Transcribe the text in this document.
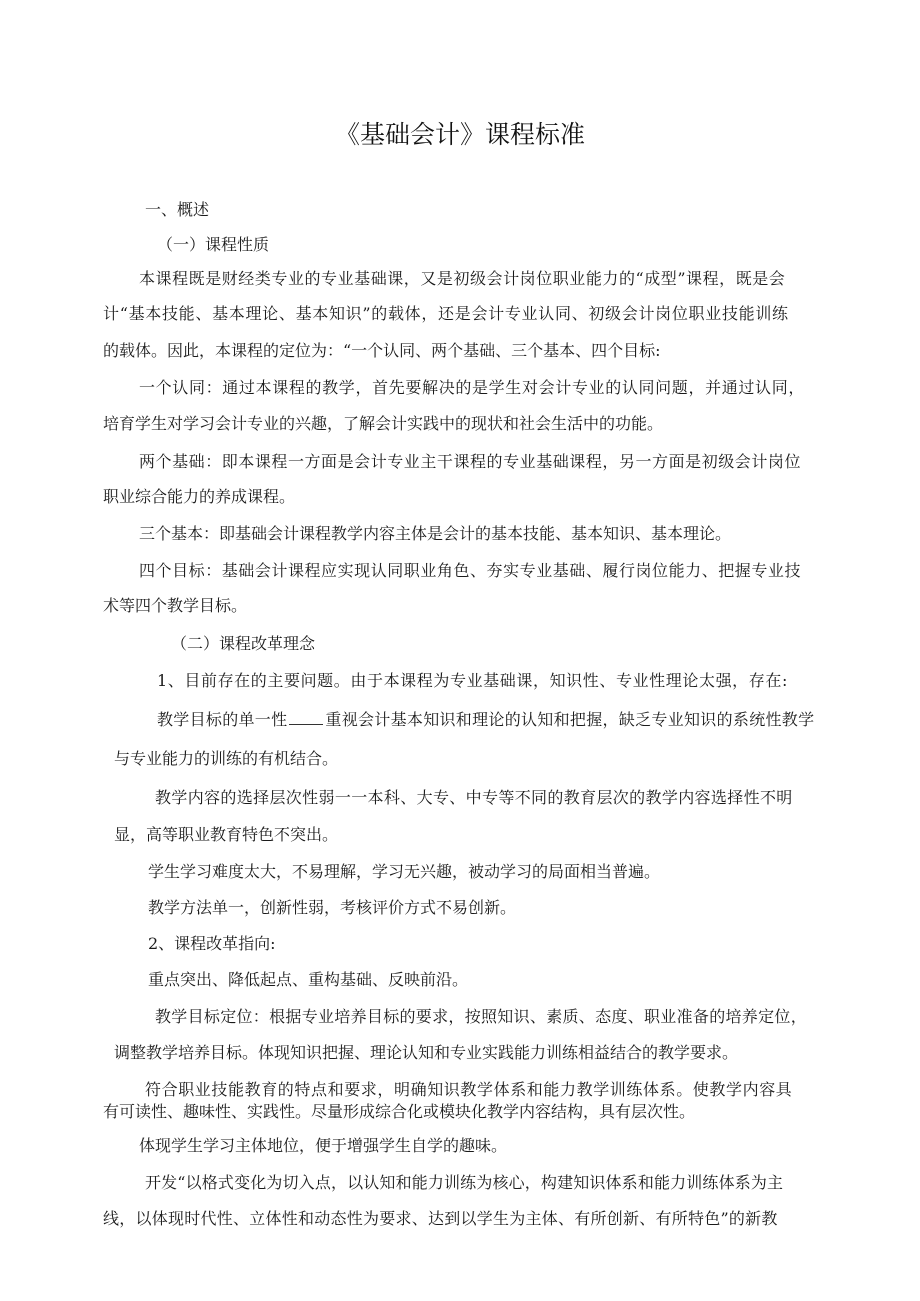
《基础会计》课程标准
一、概述
（一）课程性质
本课程既是财经类专业的专业基础课，又是初级会计岗位职业能力的“成型”课程，既是会
计“基本技能、基本理论、基本知识”的载体，还是会计专业认同、初级会计岗位职业技能训练
的载体。因此，本课程的定位为：“一个认同、两个基础、三个基本、四个目标:
一个认同：通过本课程的教学，首先要解决的是学生对会计专业的认同问题，并通过认同，
培育学生对学习会计专业的兴趣，了解会计实践中的现状和社会生活中的功能。
两个基础：即本课程一方面是会计专业主干课程的专业基础课程，另一方面是初级会计岗位
职业综合能力的养成课程。
三个基本：即基础会计课程教学内容主体是会计的基本技能、基本知识、基本理论。
四个目标：基础会计课程应实现认同职业角色、夯实专业基础、履行岗位能力、把握专业技
术等四个教学目标。
（二）课程改革理念
1、目前存在的主要问题。由于本课程为专业基础课，知识性、专业性理论太强，存在:
教学目标的单一性 重视会计基本知识和理论的认知和把握，缺乏专业知识的系统性教学
与专业能力的训练的有机结合。
教学内容的选择层次性弱一一本科、大专、中专等不同的教育层次的教学内容选择性不明
显，高等职业教育特色不突出。
学生学习难度太大，不易理解，学习无兴趣，被动学习的局面相当普遍。
教学方法单一，创新性弱，考核评价方式不易创新。
2、课程改革指向:
重点突出、降低起点、重构基础、反映前沿。
教学目标定位：根据专业培养目标的要求，按照知识、素质、态度、职业准备的培养定位，
调整教学培养目标。体现知识把握、理论认知和专业实践能力训练相益结合的教学要求。
符合职业技能教育的特点和要求，明确知识教学体系和能力教学训练体系。使教学内容具
有可读性、趣味性、实践性。尽量形成综合化或模块化教学内容结构，具有层次性。
体现学生学习主体地位，便于增强学生自学的趣味。
开发“以格式变化为切入点，以认知和能力训练为核心，构建知识体系和能力训练体系为主
线，以体现时代性、立体性和动态性为要求、达到以学生为主体、有所创新、有所特色”的新教
